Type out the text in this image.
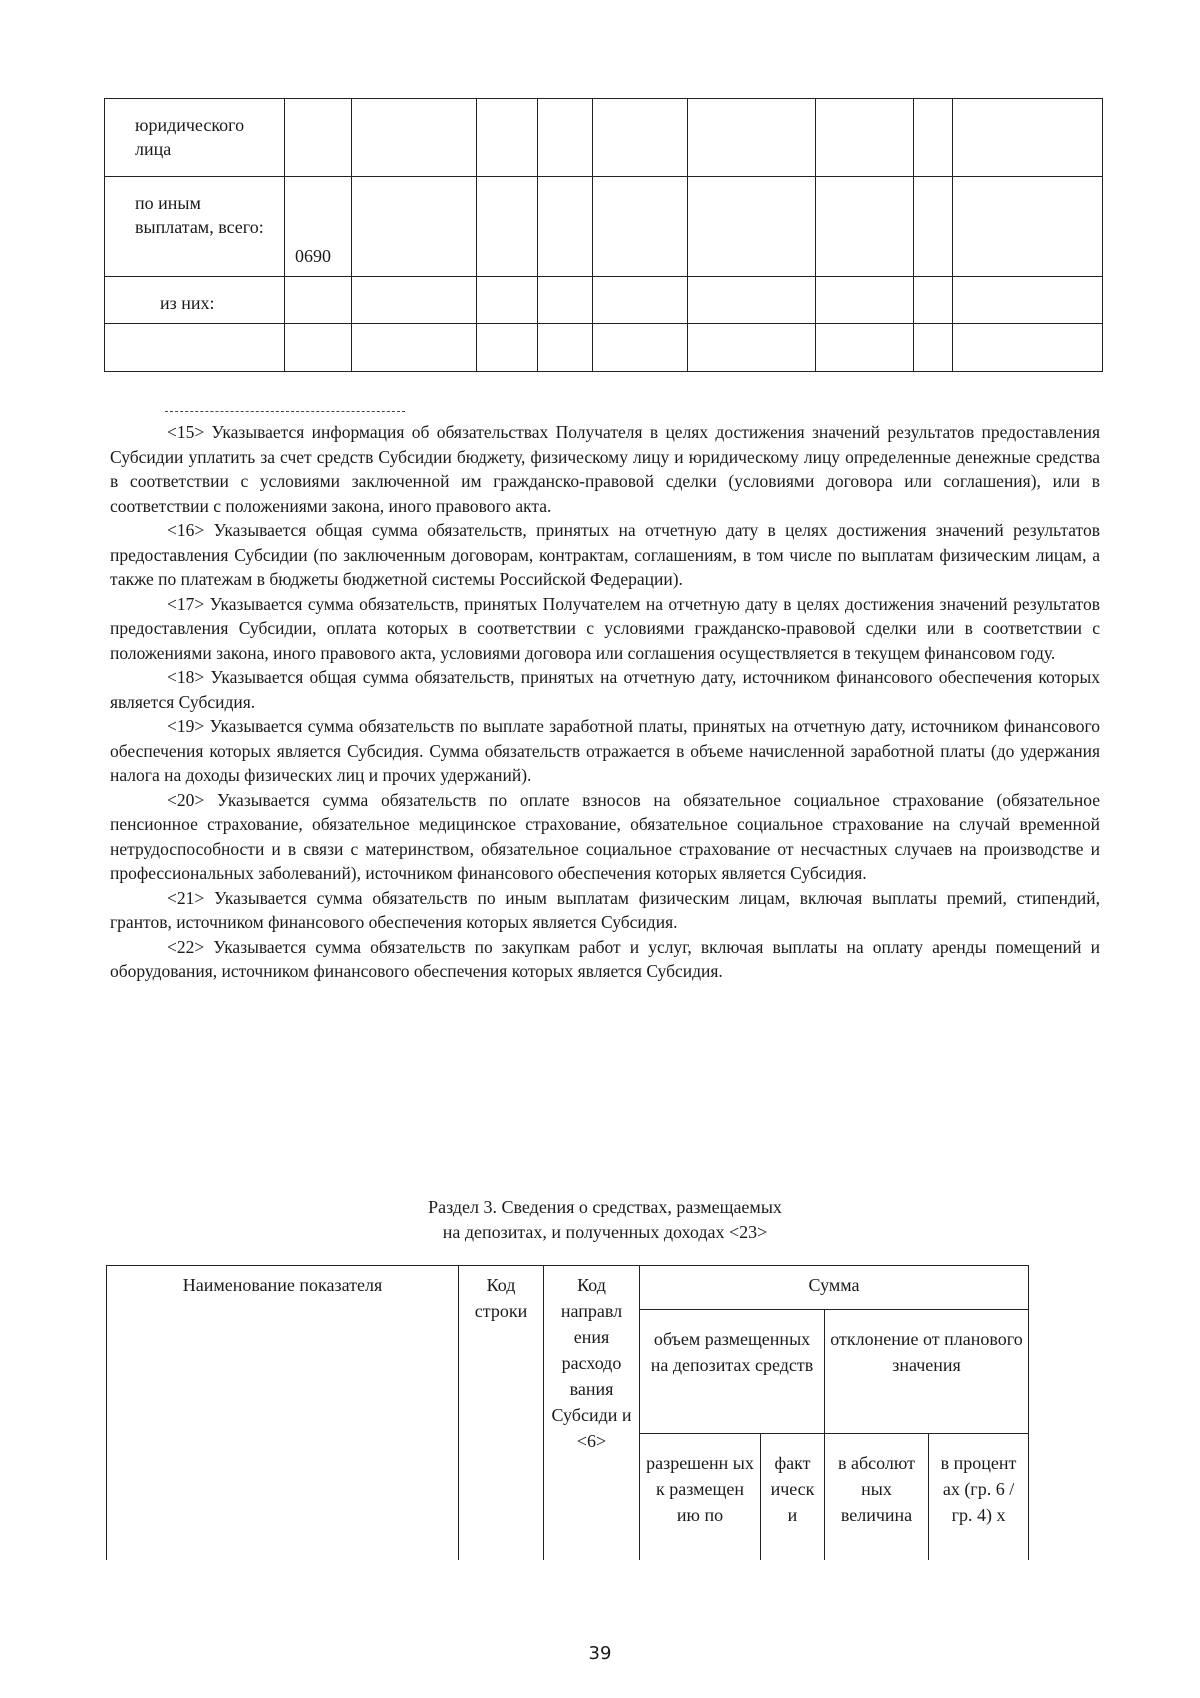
юридического лица									
по иным выплатам, всего:	0690								
из них:									

<15> Указывается информация об обязательствах Получателя в целях достижения значений результатов предоставления Субсидии уплатить за счет средств Субсидии бюджету, физическому лицу и юридическому лицу определенные денежные средства в соответствии с условиями заключенной им гражданско-правовой сделки (условиями договора или соглашения), или в соответствии с положениями закона, иного правового акта.

<16> Указывается общая сумма обязательств, принятых на отчетную дату в целях достижения значений результатов предоставления Субсидии (по заключенным договорам, контрактам, соглашениям, в том числе по выплатам физическим лицам, а также по платежам в бюджеты бюджетной системы Российской Федерации).

<17> Указывается сумма обязательств, принятых Получателем на отчетную дату в целях достижения значений результатов предоставления Субсидии, оплата которых в соответствии с условиями гражданско-правовой сделки или в соответствии с положениями закона, иного правового акта, условиями договора или соглашения осуществляется в текущем финансовом году.

<18> Указывается общая сумма обязательств, принятых на отчетную дату, источником финансового обеспечения которых является Субсидия.

<19> Указывается сумма обязательств по выплате заработной платы, принятых на отчетную дату, источником финансового обеспечения которых является Субсидия. Сумма обязательств отражается в объеме начисленной заработной платы (до удержания налога на доходы физических лиц и прочих удержаний).

<20> Указывается сумма обязательств по оплате взносов на обязательное социальное страхование (обязательное пенсионное страхование, обязательное медицинское страхование, обязательное социальное страхование на случай временной нетрудоспособности и в связи с материнством, обязательное социальное страхование от несчастных случаев на производстве и профессиональных заболеваний), источником финансового обеспечения которых является Субсидия.

<21> Указывается сумма обязательств по иным выплатам физическим лицам, включая выплаты премий, стипендий, грантов, источником финансового обеспечения которых является Субсидия.

<22> Указывается сумма обязательств по закупкам работ и услуг, включая выплаты на оплату аренды помещений и оборудования, источником финансового обеспечения которых является Субсидия.

Раздел 3. Сведения о средствах, размещаемых
на депозитах, и полученных доходах <23>
Наименование показателя	Код строки	Код направл ения расходо вания Субсиди и <6>	Сумма			
			объем размещенных на депозитах средств		отклонение от планового значения	
			разрешенн ых к размещен ию по	факт ическ и	в абсолют ных величина	в процент ах (гр. 6 / гр. 4) х
39
